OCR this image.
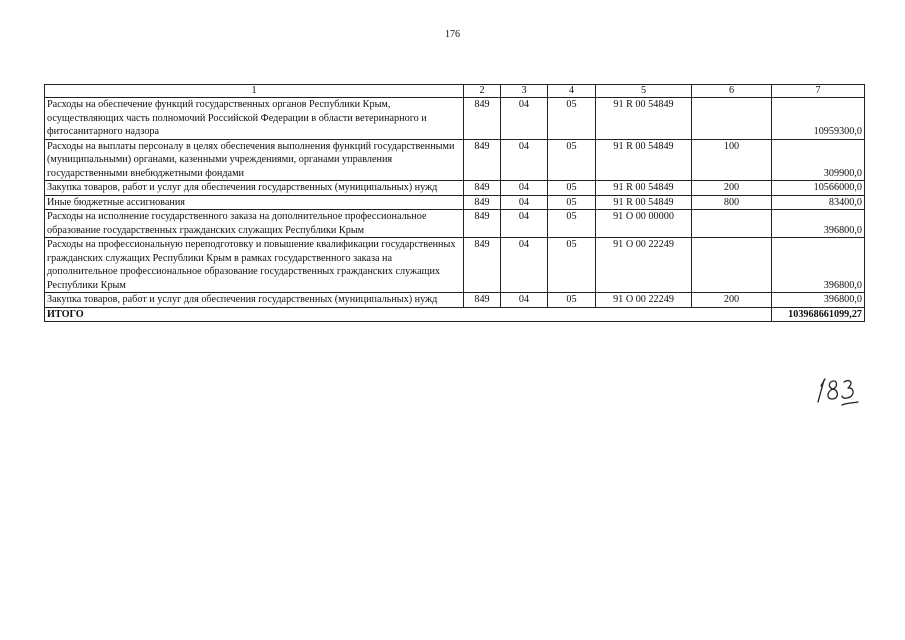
176
1	2	3	4	5	6	7
Расходы на обеспечение функций государственных органов Республики Крым, осуществляющих часть полномочий Российской Федерации в области ветеринарного и фитосанитарного надзора	849	04	05	91 R 00 54849		10959300,0
Расходы на выплаты персоналу в целях обеспечения выполнения функций государственными (муниципальными) органами, казенными учреждениями, органами управления государственными внебюджетными фондами	849	04	05	91 R 00 54849	100	309900,0
Закупка товаров, работ и услуг для обеспечения государственных (муниципальных) нужд	849	04	05	91 R 00 54849	200	10566000,0
Иные бюджетные ассигнования	849	04	05	91 R 00 54849	800	83400,0
Расходы на исполнение государственного заказа на дополнительное профессиональное образование государственных гражданских служащих Республики Крым	849	04	05	91 О 00 00000		396800,0
Расходы на профессиональную переподготовку и повышение квалификации государственных гражданских служащих Республики Крым в рамках государственного заказа на дополнительное профессиональное образование государственных гражданских служащих Республики Крым	849	04	05	91 О 00 22249		396800,0
Закупка товаров, работ и услуг для обеспечения государственных (муниципальных) нужд	849	04	05	91 О 00 22249	200	396800,0
ИТОГО						103968661099,27
